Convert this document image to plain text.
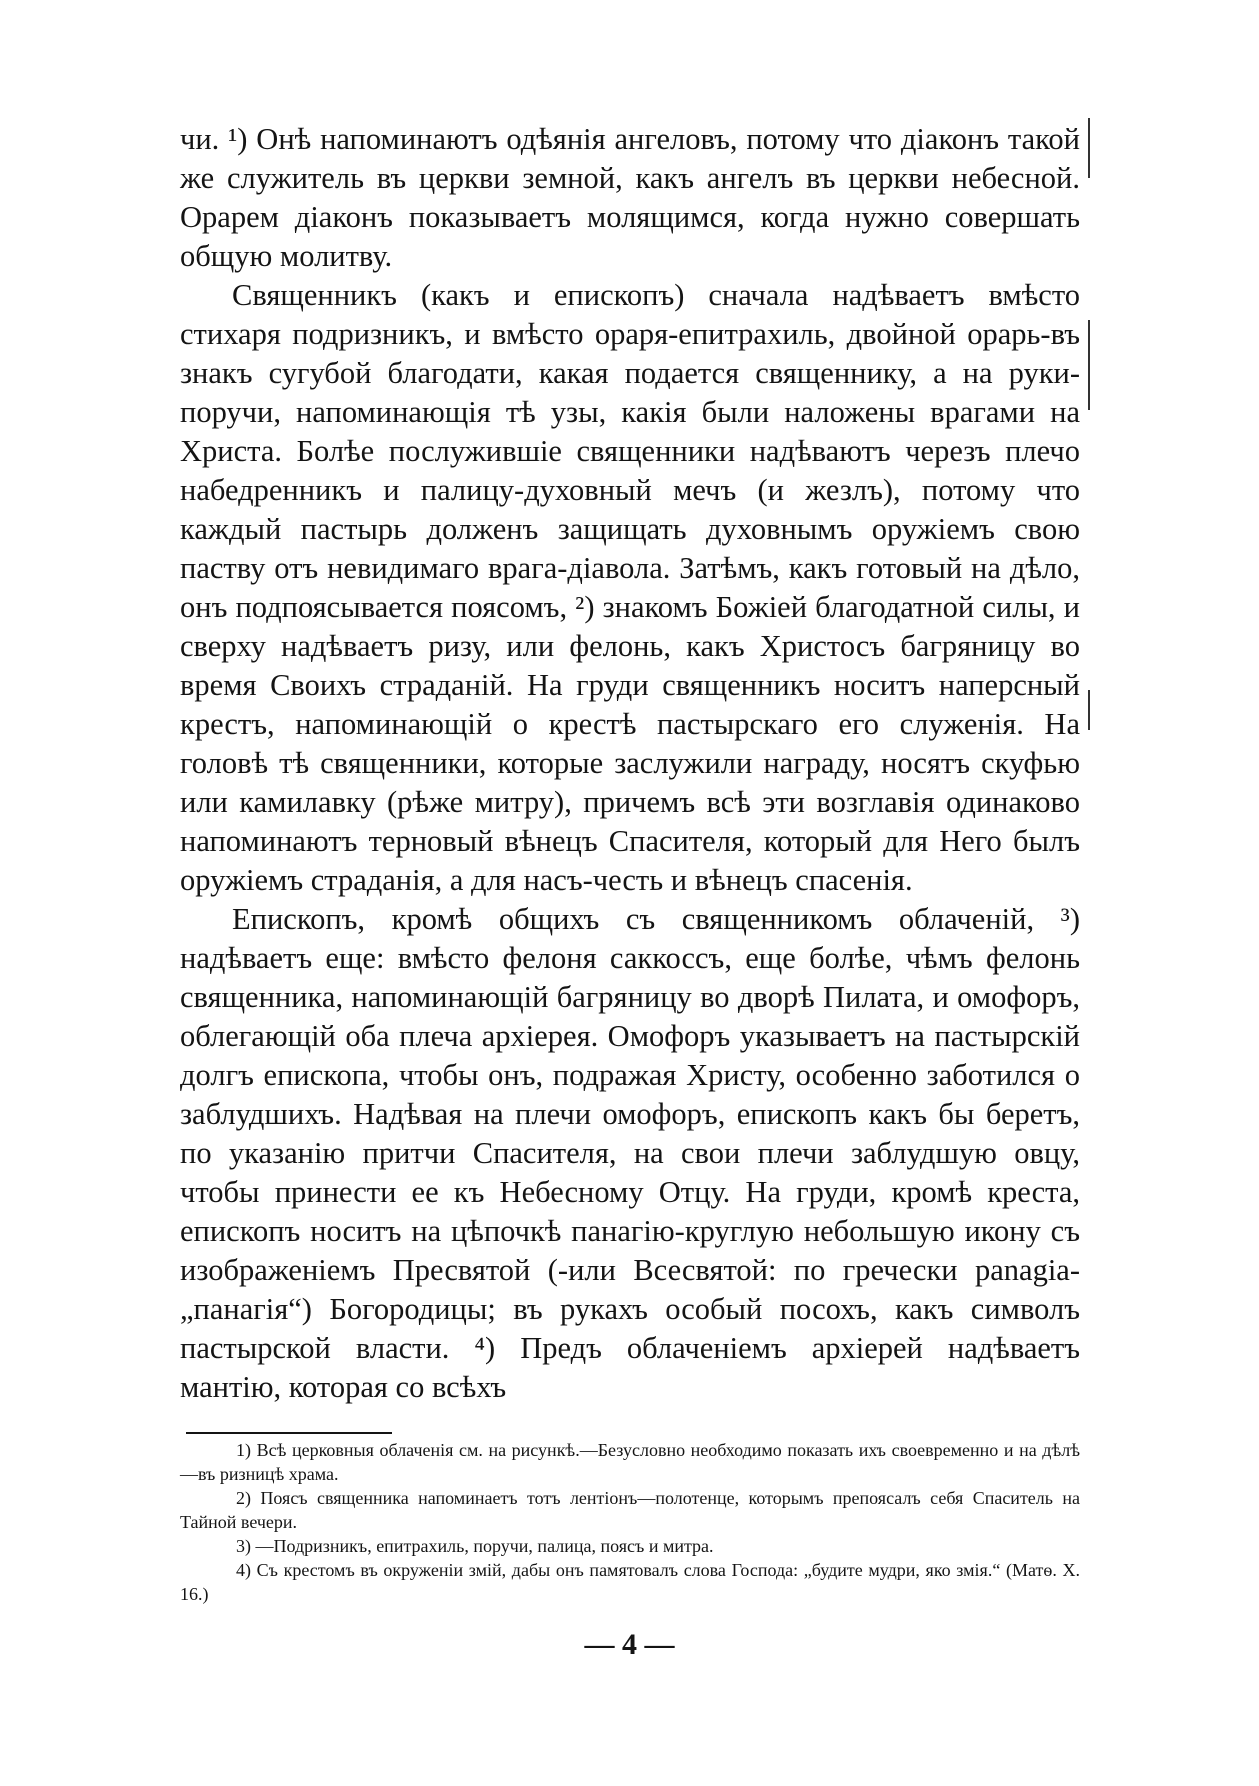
чи. ¹) Онѣ напоминаютъ одѣянія ангеловъ, потому что діаконъ такой же служитель въ церкви земной, какъ ангелъ въ церкви небесной. Орарем діаконъ показываетъ молящимся, когда нужно совершать общую молитву.

Священникъ (какъ и епископъ) сначала надѣваетъ вмѣсто стихаря подризникъ, и вмѣсто ораря-епитрахиль, двойной орарь-въ знакъ сугубой благодати, какая подается священнику, а на руки-поручи, напоминающія тѣ узы, какія были наложены врагами на Христа. Болѣе послужившіе священники надѣваютъ черезъ плечо набедренникъ и палицу-духовный мечъ (и жезлъ), потому что каждый пастырь долженъ защищать духовнымъ оружіемъ свою паству отъ невидимаго врага-діавола. Затѣмъ, какъ готовый на дѣло, онъ подпоясывается поясомъ, ²) знакомъ Божіей благодатной силы, и сверху надѣваетъ ризу, или фелонь, какъ Христосъ багряницу во время Своихъ страданій. На груди священникъ носитъ наперсный крестъ, напоминающій о крестѣ пастырскаго его служенія. На головѣ тѣ священники, которые заслужили награду, носятъ скуфью или камилавку (рѣже митру), причемъ всѣ эти возглавія одинаково напоминаютъ терновый вѣнецъ Спасителя, который для Него былъ оружіемъ страданія, а для насъ-честь и вѣнецъ спасенія.

Епископъ, кромѣ общихъ съ священникомъ облаченій, ³) надѣваетъ еще: вмѣсто фелоня саккоссъ, еще болѣе, чѣмъ фелонь священника, напоминающій багряницу во дворѣ Пилата, и омофоръ, облегающій оба плеча архіерея. Омофоръ указываетъ на пастырскій долгъ епископа, чтобы онъ, подражая Христу, особенно заботился о заблудшихъ. Надѣвая на плечи омофоръ, епископъ какъ бы беретъ, по указанію притчи Спасителя, на свои плечи заблудшую овцу, чтобы принести ее къ Небесному Отцу. На груди, кромѣ креста, епископъ носитъ на цѣпочкѣ панагію-круглую небольшую икону съ изображеніемъ Пресвятой (-или Всесвятой: по гречески panagia-„панагія“) Богородицы; въ рукахъ особый посохъ, какъ символъ пастырской власти. ⁴) Предъ облаченіемъ архіерей надѣваетъ мантію, которая со всѣхъ

1) Всѣ церковныя облаченія см. на рисункѣ.—Безусловно необходимо показать ихъ своевременно и на дѣлѣ—въ ризницѣ храма.

2) Поясъ священника напоминаетъ тотъ лентіонъ—полотенце, которымъ препоясалъ себя Спаситель на Тайной вечери.

3) —Подризникъ, епитрахиль, поручи, палица, поясъ и митра.

4) Съ крестомъ въ окруженіи змій, дабы онъ памятовалъ слова Господа: „будите мудри, яко змія.“ (Матѳ. X. 16.)

— 4 —
